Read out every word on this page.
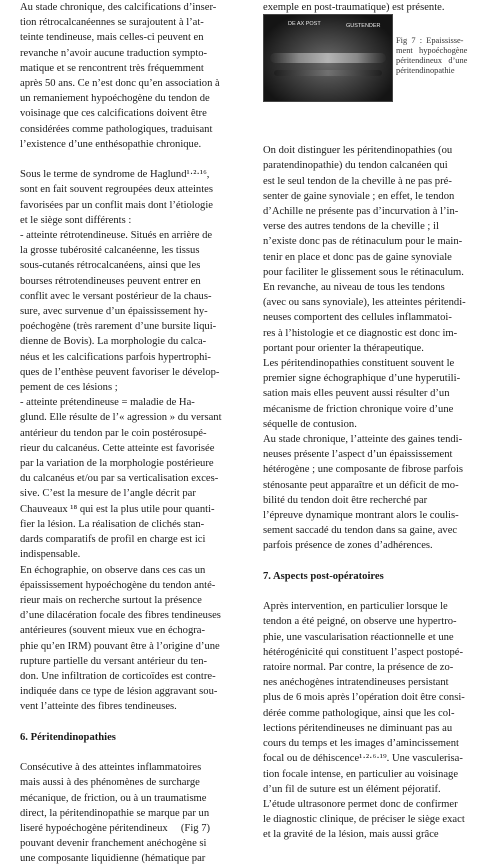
Au stade chronique, des calcifications d’inser-

tion rétrocalcanéennes se surajoutent à l’at-

teinte tendineuse, mais celles-ci peuvent en

revanche n’avoir aucune traduction sympto-

matique et se rencontrent très fréquemment

après 50 ans. Ce n’est donc qu’en association à

un remaniement hypoéchogène du tendon de

voisinage que ces calcifications doivent être

considérées comme pathologiques, traduisant

l’existence d’une enthésopathie chronique.

Sous le terme de syndrome de Haglund¹·²·¹⁶,

sont en fait souvent regroupées deux atteintes

favorisées par un conflit mais dont l’étiologie

et le siège sont différents :

- atteinte rétrotendineuse. Situés en arrière de

la grosse tubérosité calcanéenne, les tissus

sous-cutanés rétrocalcanéens, ainsi que les

bourses rétrotendineuses peuvent entrer en

conflit avec le versant postérieur de la chaus-

sure, avec survenue d’un épaississement hy-

poéchogène (très rarement d’une bursite liqui-

dienne de Bovis). La morphologie du calca-

néus et les calcifications parfois hypertrophi-

ques de l’enthèse peuvent favoriser le dévelop-

pement de ces lésions ;

- atteinte prétendineuse = maladie de Ha-

glund. Elle résulte de l’« agression » du versant

antérieur du tendon par le coin postérosupé-

rieur du calcanéus. Cette atteinte est favorisée

par la variation de la morphologie postérieure

du calcanéus et/ou par sa verticalisation exces-

sive. C’est la mesure de l’angle décrit par

Chauveaux ¹⁸ qui est la plus utile pour quanti-

fier la lésion. La réalisation de clichés stan-

dards comparatifs de profil en charge est ici

indispensable.

En échographie, on observe dans ces cas un

épaississement hypoéchogène du tendon anté-

rieur mais on recherche surtout la présence

d’une dilacération focale des fibres tendineuses

antérieures (souvent mieux vue en échogra-

phie qu’en IRM) pouvant être à l’origine d’une

rupture partielle du versant antérieur du ten-

don. Une infiltration de corticoïdes est contre-

indiquée dans ce type de lésion aggravant sou-

vent l’atteinte des fibres tendineuses.

6. Péritendinopathies

Consécutive à des atteintes inflammatoires

mais aussi à des phénomènes de surcharge

mécanique, de friction, ou à un traumatisme

direct, la péritendinopathie se marque par un

liseré hypoéchogène péritendineux     (Fig 7)

pouvant devenir franchement anéchogène si

une composante liquidienne (hématique par

exemple en post-traumatique) est présente.

On doit distinguer les péritendinopathies (ou

paratendinopathie) du tendon calcanéen qui

est le seul tendon de la cheville à ne pas pré-

senter de gaine synoviale ; en effet, le tendon

d’Achille ne présente pas d’incurvation à l’in-

verse des autres tendons de la cheville ; il

n’existe donc pas de rétinaculum pour le main-

tenir en place et donc pas de gaine synoviale

pour faciliter le glissement sous le rétinaculum.

En revanche, au niveau de tous les tendons

(avec ou sans synoviale), les atteintes péritendi-

neuses comportent des cellules inflammatoi-

res à l’histologie et ce diagnostic est donc im-

portant pour orienter la thérapeutique.

Les péritendinopathies constituent souvent le

premier signe échographique d’une hyperutili-

sation mais elles peuvent aussi résulter d’un

mécanisme de friction chronique voire d’une

séquelle de contusion.

Au stade chronique, l’atteinte des gaines tendi-

neuses présente l’aspect d’un épaississement

hétérogène ; une composante de fibrose parfois

sténosante peut apparaître et un déficit de mo-

bilité du tendon doit être recherché par

l’épreuve dynamique montrant alors le coulis-

sement saccadé du tendon dans sa gaine, avec

parfois présence de zones d’adhérences.

7. Aspects post-opératoires

Après intervention, en particulier lorsque le

tendon a été peigné, on observe une hypertro-

phie, une vascularisation réactionnelle et une

hétérogénicité qui constituent l’aspect postopé-

ratoire normal. Par contre, la présence de zo-

nes anéchogènes intratendineuses persistant

plus de 6 mois après l’opération doit être consi-

dérée comme pathologique, ainsi que les col-

lections péritendineuses ne diminuant pas au

cours du temps et les images d’amincissement

focal ou de déhiscence¹·²·⁶·¹⁹. Une vasculerisa-

tion focale intense, en particulier au voisinage

d’un fil de suture est un élément péjoratif.

L’étude ultrasonore permet donc de confirmer

le diagnostic clinique, de préciser le siège exact

et la gravité de la lésion, mais aussi grâce

DE AX POST	GUSTENDER

Fig  7  :  Epaississe-

ment   hypoéchogène

péritendineux   d’une

péritendinopathie
